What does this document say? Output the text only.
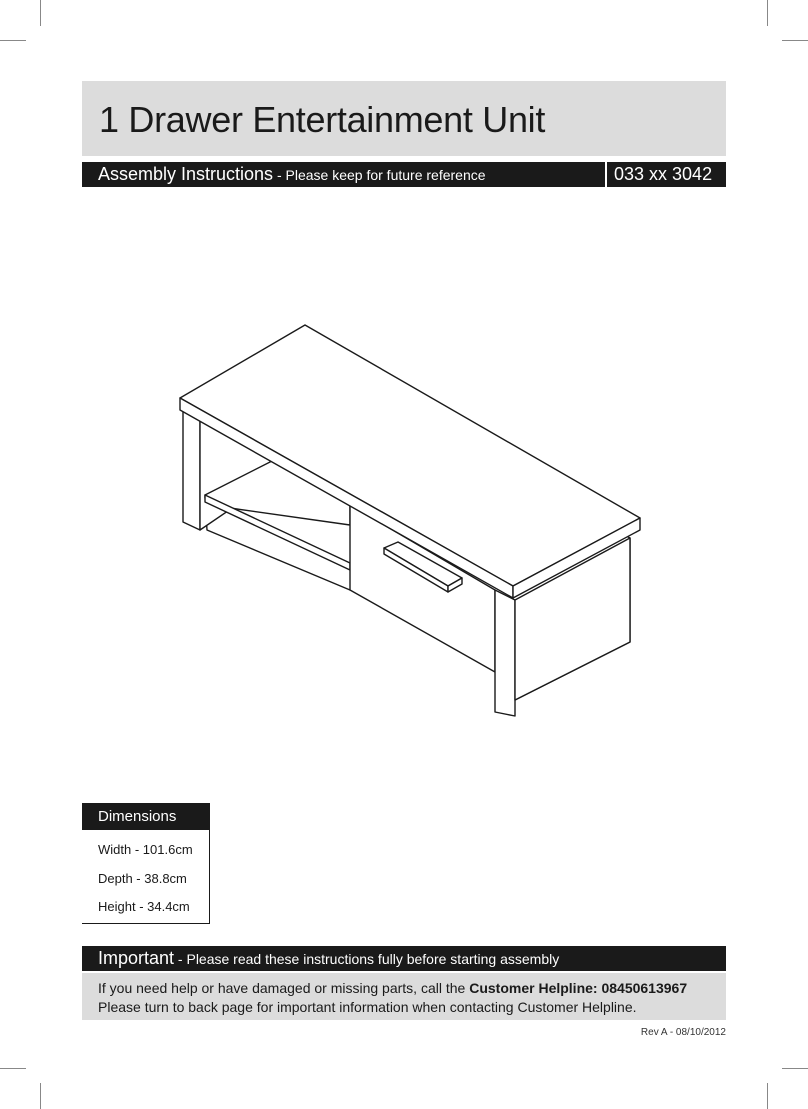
1 Drawer Entertainment Unit
Assembly Instructions - Please keep for future reference	033 xx 3042
Dimensions
Width - 101.6cm
Depth - 38.8cm
Height - 34.4cm
Important - Please read these instructions fully before starting assembly
If you need help or have damaged or missing parts, call the Customer Helpline: 08450613967
Please turn to back page for important information when contacting Customer Helpline.
Rev A - 08/10/2012
